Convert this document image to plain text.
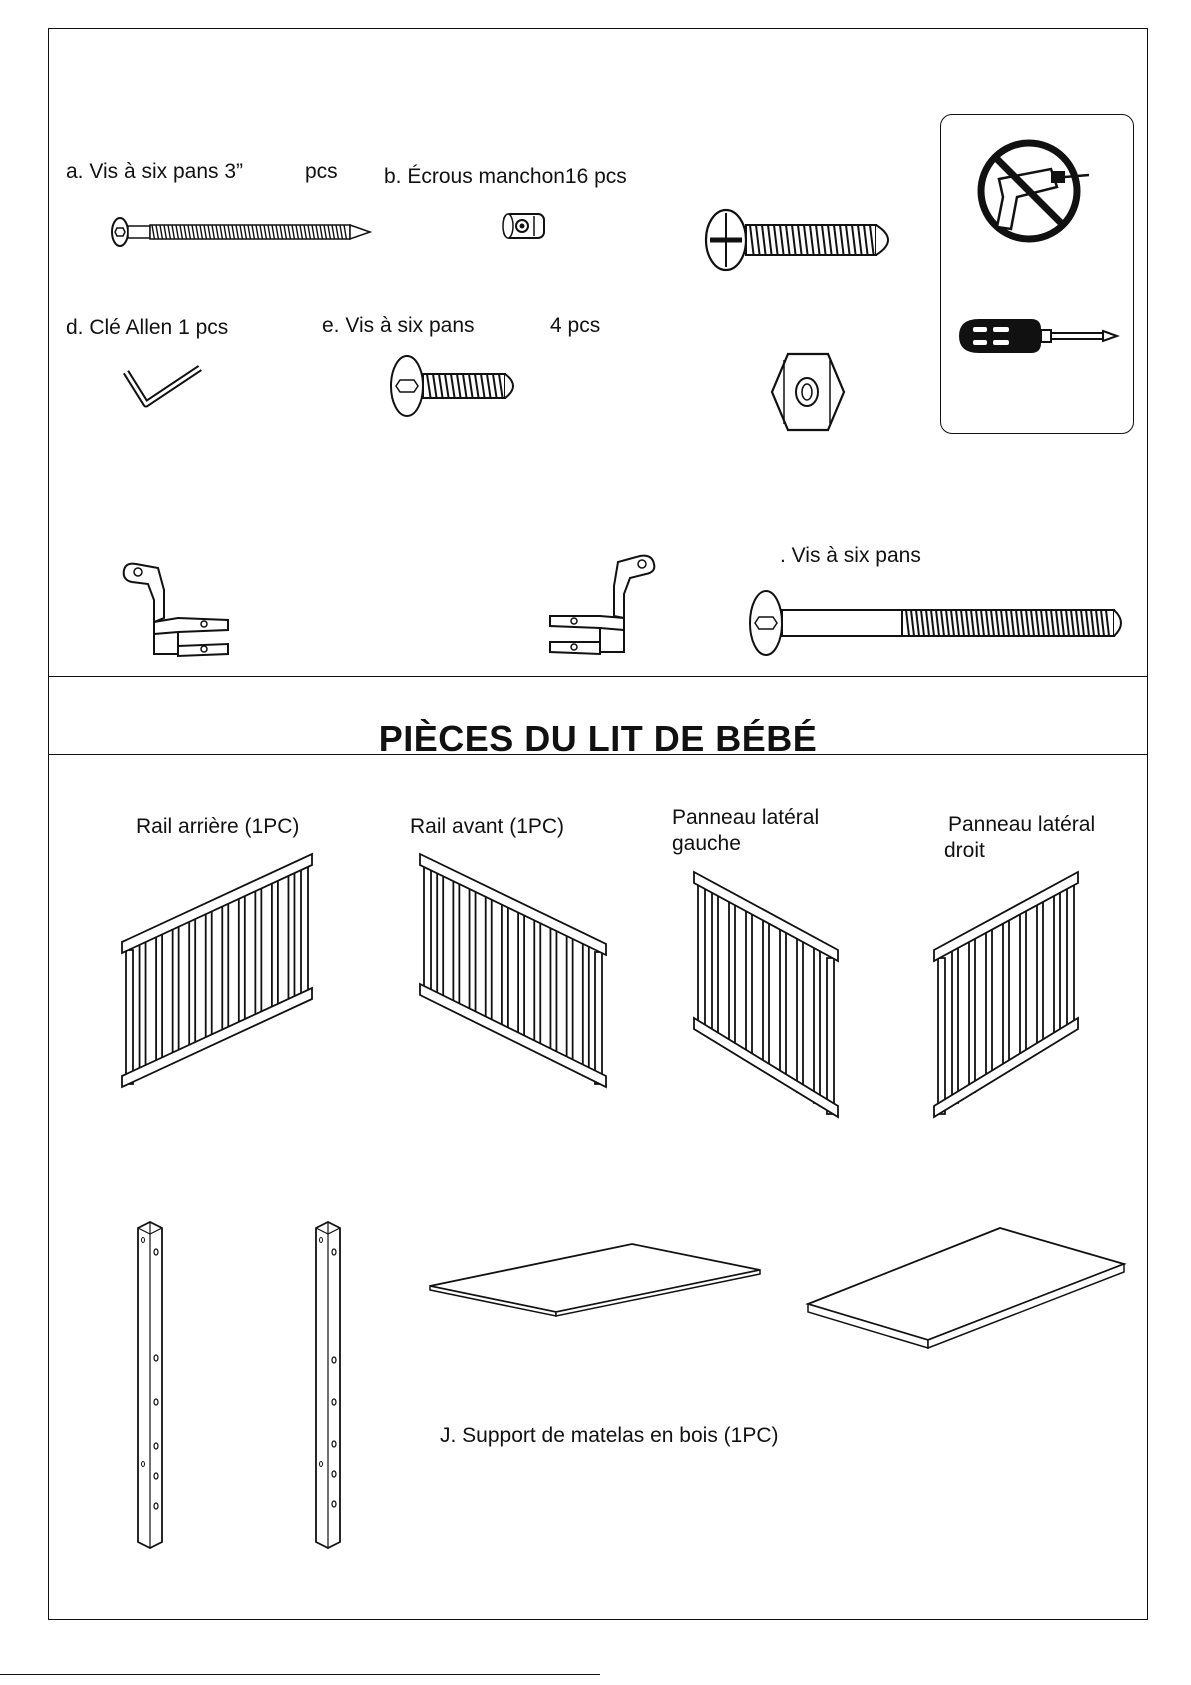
a. Vis à six pans 3”	pcs b. Écrous manchon16 pcs
d. Clé Allen 1 pcs	e. Vis à six pans	4 pcs
. Vis à six pans
PIÈCES DU LIT DE BÉBÉ
Rail arrière (1PC)	Rail avant (1PC)	Panneau latéral
gauche
Panneau latéral
droit
J. Support de matelas en bois (1PC)
